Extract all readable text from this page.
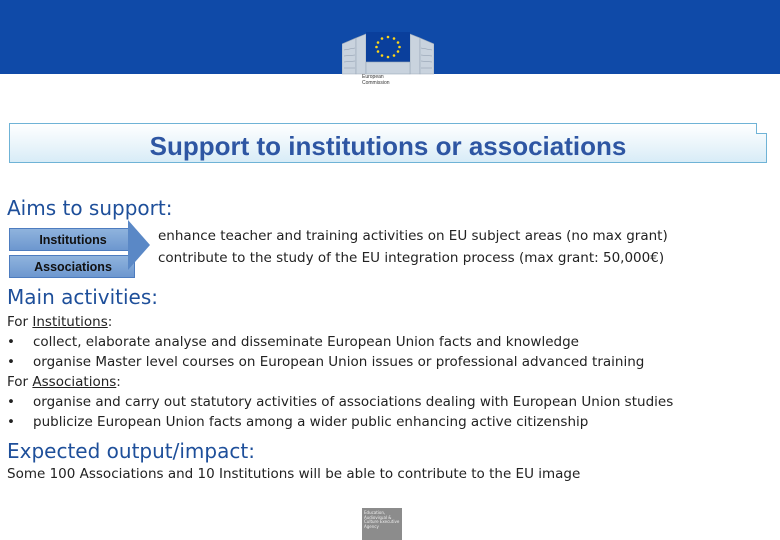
European
Commission
Support to institutions or associations
Aims to support:
Institutions
Associations
enhance teacher and training activities on EU subject areas (no max grant)
contribute to the study of the EU integration process (max grant: 50,000€)
Main activities:
For Institutions:
• collect, elaborate analyse and disseminate European Union facts and knowledge
• organise Master level courses on European Union issues or professional advanced training
For Associations:
• organise and carry out statutory activities of associations dealing with European Union studies
• publicize European Union facts among a wider public enhancing active citizenship
Expected output/impact:
Some 100 Associations and 10 Institutions will be able to contribute to the EU image
Education, Audiovisual & Culture Executive Agency
